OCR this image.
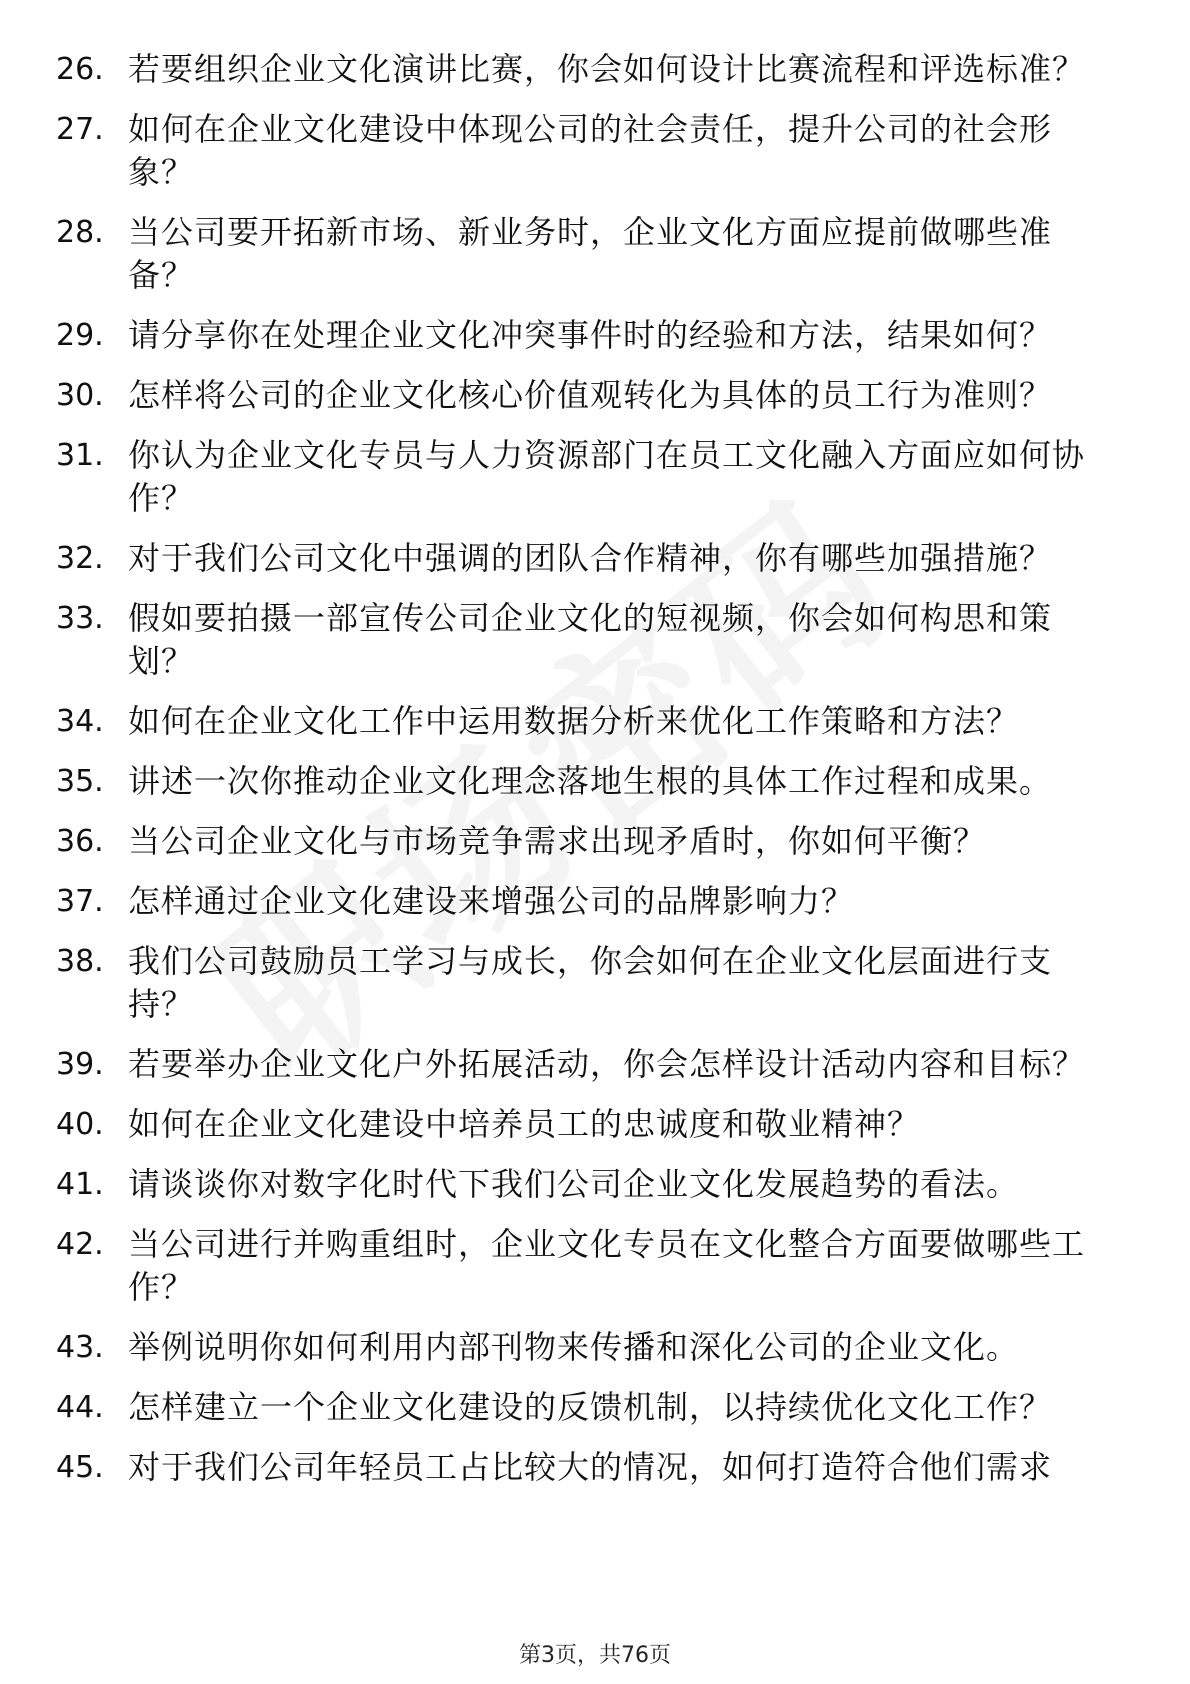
26. 若要组织企业文化演讲比赛，你会如何设计比赛流程和评选标准？
27. 如何在企业文化建设中体现公司的社会责任，提升公司的社会形象？
28. 当公司要开拓新市场、新业务时，企业文化方面应提前做哪些准备？
29. 请分享你在处理企业文化冲突事件时的经验和方法，结果如何？
30. 怎样将公司的企业文化核心价值观转化为具体的员工行为准则？
31. 你认为企业文化专员与人力资源部门在员工文化融入方面应如何协作？
32. 对于我们公司文化中强调的团队合作精神，你有哪些加强措施？
33. 假如要拍摄一部宣传公司企业文化的短视频，你会如何构思和策划？
34. 如何在企业文化工作中运用数据分析来优化工作策略和方法？
35. 讲述一次你推动企业文化理念落地生根的具体工作过程和成果。
36. 当公司企业文化与市场竞争需求出现矛盾时，你如何平衡？
37. 怎样通过企业文化建设来增强公司的品牌影响力？
38. 我们公司鼓励员工学习与成长，你会如何在企业文化层面进行支持？
39. 若要举办企业文化户外拓展活动，你会怎样设计活动内容和目标？
40. 如何在企业文化建设中培养员工的忠诚度和敬业精神？
41. 请谈谈你对数字化时代下我们公司企业文化发展趋势的看法。
42. 当公司进行并购重组时，企业文化专员在文化整合方面要做哪些工作？
43. 举例说明你如何利用内部刊物来传播和深化公司的企业文化。
44. 怎样建立一个企业文化建设的反馈机制，以持续优化文化工作？
45. 对于我们公司年轻员工占比较大的情况，如何打造符合他们需求
第3页，共76页
